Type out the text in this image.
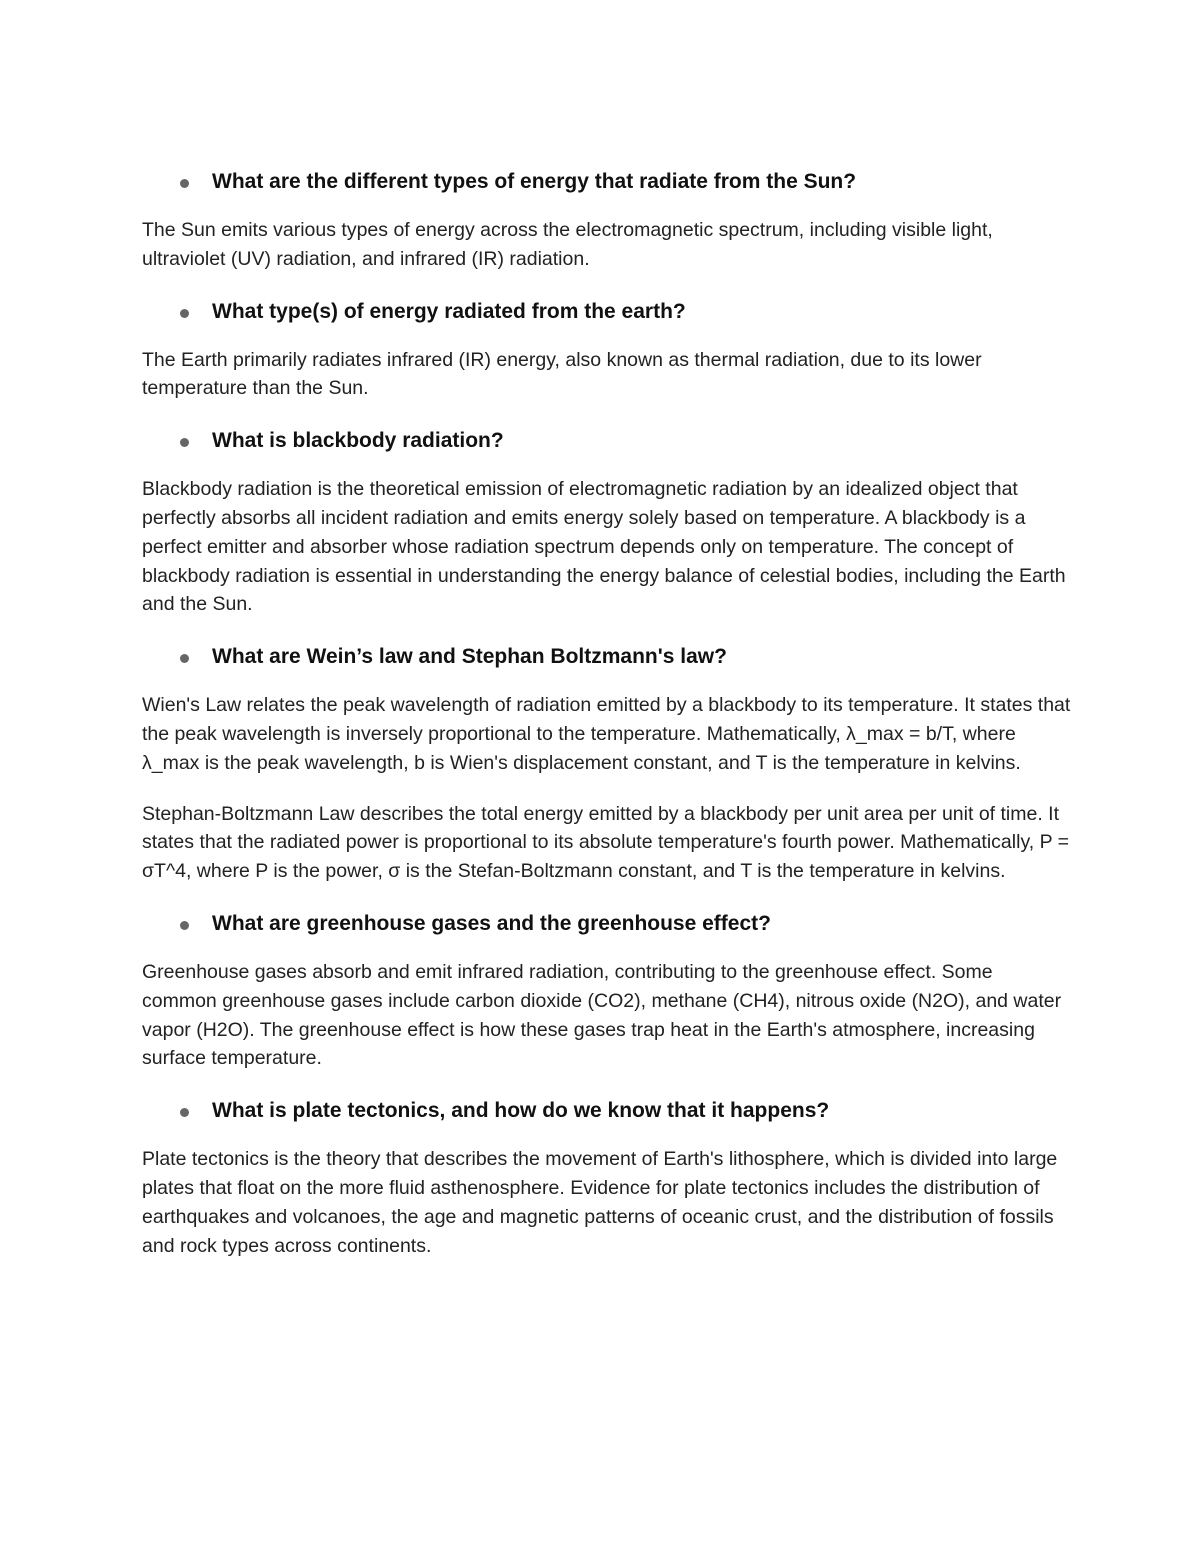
What are the different types of energy that radiate from the Sun?

The Sun emits various types of energy across the electromagnetic spectrum, including visible light, ultraviolet (UV) radiation, and infrared (IR) radiation.

What type(s) of energy radiated from the earth?

The Earth primarily radiates infrared (IR) energy, also known as thermal radiation, due to its lower temperature than the Sun.

What is blackbody radiation?

Blackbody radiation is the theoretical emission of electromagnetic radiation by an idealized object that perfectly absorbs all incident radiation and emits energy solely based on temperature. A blackbody is a perfect emitter and absorber whose radiation spectrum depends only on temperature. The concept of blackbody radiation is essential in understanding the energy balance of celestial bodies, including the Earth and the Sun.

What are Wein’s law and Stephan Boltzmann's law?

Wien's Law relates the peak wavelength of radiation emitted by a blackbody to its temperature. It states that the peak wavelength is inversely proportional to the temperature. Mathematically, λ_max = b/T, where λ_max is the peak wavelength, b is Wien's displacement constant, and T is the temperature in kelvins.

Stephan-Boltzmann Law describes the total energy emitted by a blackbody per unit area per unit of time. It states that the radiated power is proportional to its absolute temperature's fourth power. Mathematically, P = σT^4, where P is the power, σ is the Stefan-Boltzmann constant, and T is the temperature in kelvins.

What are greenhouse gases and the greenhouse effect?

Greenhouse gases absorb and emit infrared radiation, contributing to the greenhouse effect. Some common greenhouse gases include carbon dioxide (CO2), methane (CH4), nitrous oxide (N2O), and water vapor (H2O). The greenhouse effect is how these gases trap heat in the Earth's atmosphere, increasing surface temperature.

What is plate tectonics, and how do we know that it happens?

Plate tectonics is the theory that describes the movement of Earth's lithosphere, which is divided into large plates that float on the more fluid asthenosphere. Evidence for plate tectonics includes the distribution of earthquakes and volcanoes, the age and magnetic patterns of oceanic crust, and the distribution of fossils and rock types across continents.
